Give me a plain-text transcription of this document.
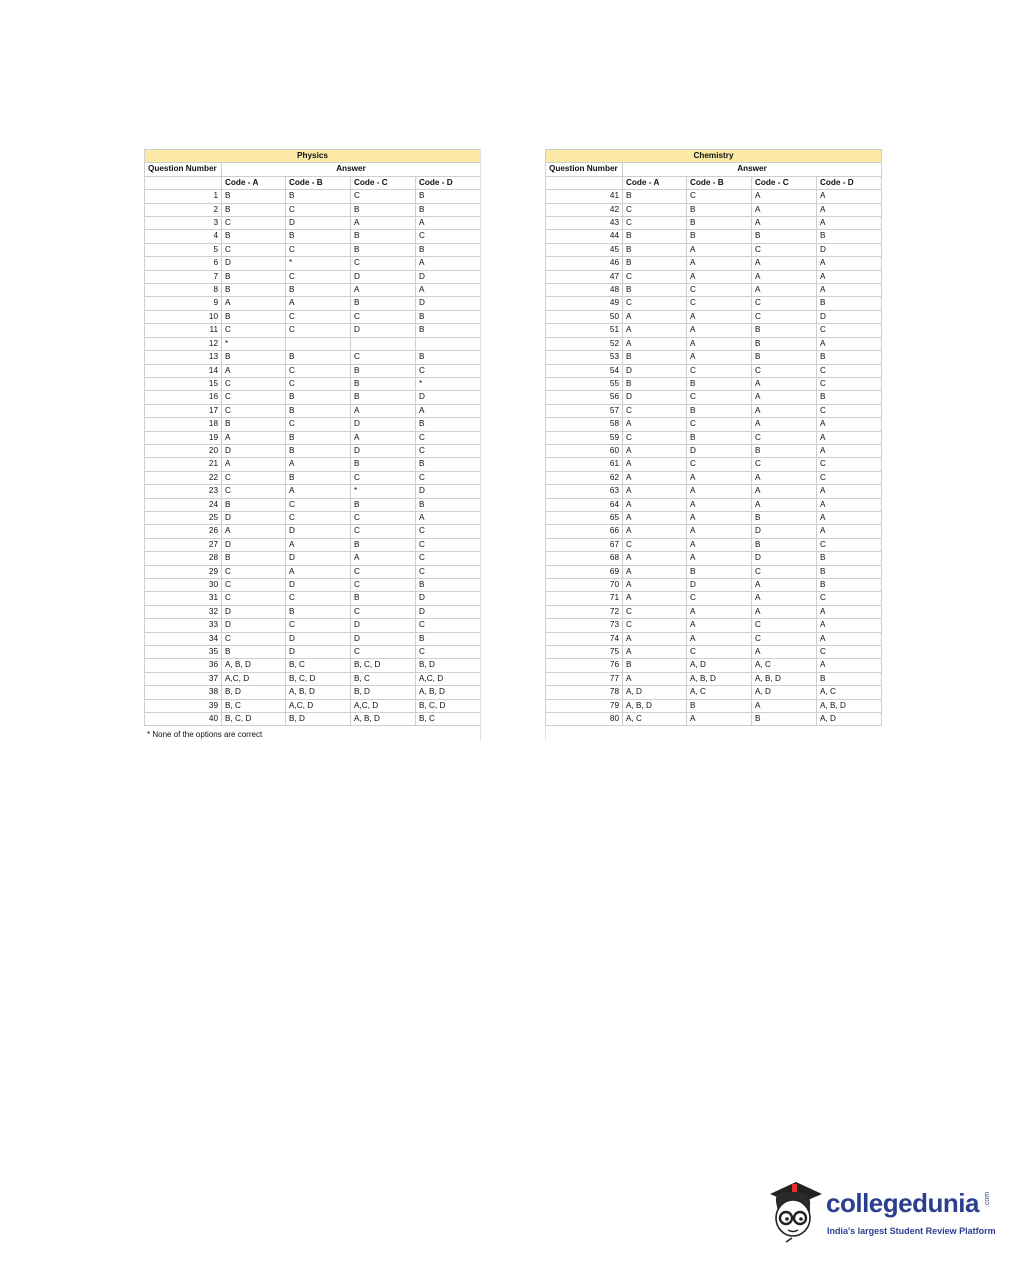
Physics				
Question Number	Answer			
	Code - A	Code - B	Code - C	Code - D
1	B	B	C	B
2	B	C	B	B
3	C	D	A	A
4	B	B	B	C
5	C	C	B	B
6	D	*	C	A
7	B	C	D	D
8	B	B	A	A
9	A	A	B	D
10	B	C	C	B
11	C	C	D	B
12	*			
13	B	B	C	B
14	A	C	B	C
15	C	C	B	*
16	C	B	B	D
17	C	B	A	A
18	B	C	D	B
19	A	B	A	C
20	D	B	D	C
21	A	A	B	B
22	C	B	C	C
23	C	A	*	D
24	B	C	B	B
25	D	C	C	A
26	A	D	C	C
27	D	A	B	C
28	B	D	A	C
29	C	A	C	C
30	C	D	C	B
31	C	C	B	D
32	D	B	C	D
33	D	C	D	C
34	C	D	D	B
35	B	D	C	C
36	A, B, D	B, C	B, C, D	B, D
37	A,C, D	B, C, D	B, C	A,C, D
38	B, D	A, B, D	B, D	A, B, D
39	B, C	A,C, D	A,C, D	B, C, D
40	B, C, D	B, D	A, B, D	B, C
Chemistry				
Question Number	Answer			
	Code - A	Code - B	Code - C	Code - D
41	B	C	A	A
42	C	B	A	A
43	C	B	A	A
44	B	B	B	B
45	B	A	C	D
46	B	A	A	A
47	C	A	A	A
48	B	C	A	A
49	C	C	C	B
50	A	A	C	D
51	A	A	B	C
52	A	A	B	A
53	B	A	B	B
54	D	C	C	C
55	B	B	A	C
56	D	C	A	B
57	C	B	A	C
58	A	C	A	A
59	C	B	C	A
60	A	D	B	A
61	A	C	C	C
62	A	A	A	C
63	A	A	A	A
64	A	A	A	A
65	A	A	B	A
66	A	A	D	A
67	C	A	B	C
68	A	A	D	B
69	A	B	C	B
70	A	D	A	B
71	A	C	A	C
72	C	A	A	A
73	C	A	C	A
74	A	A	C	A
75	A	C	A	C
76	B	A, D	A, C	A
77	A	A, B, D	A, B, D	B
78	A, D	A, C	A, D	A, C
79	A, B, D	B	A	A, B, D
80	A, C	A	B	A, D
* None of the options are correct
collegedunia .com
India's largest Student Review Platform
